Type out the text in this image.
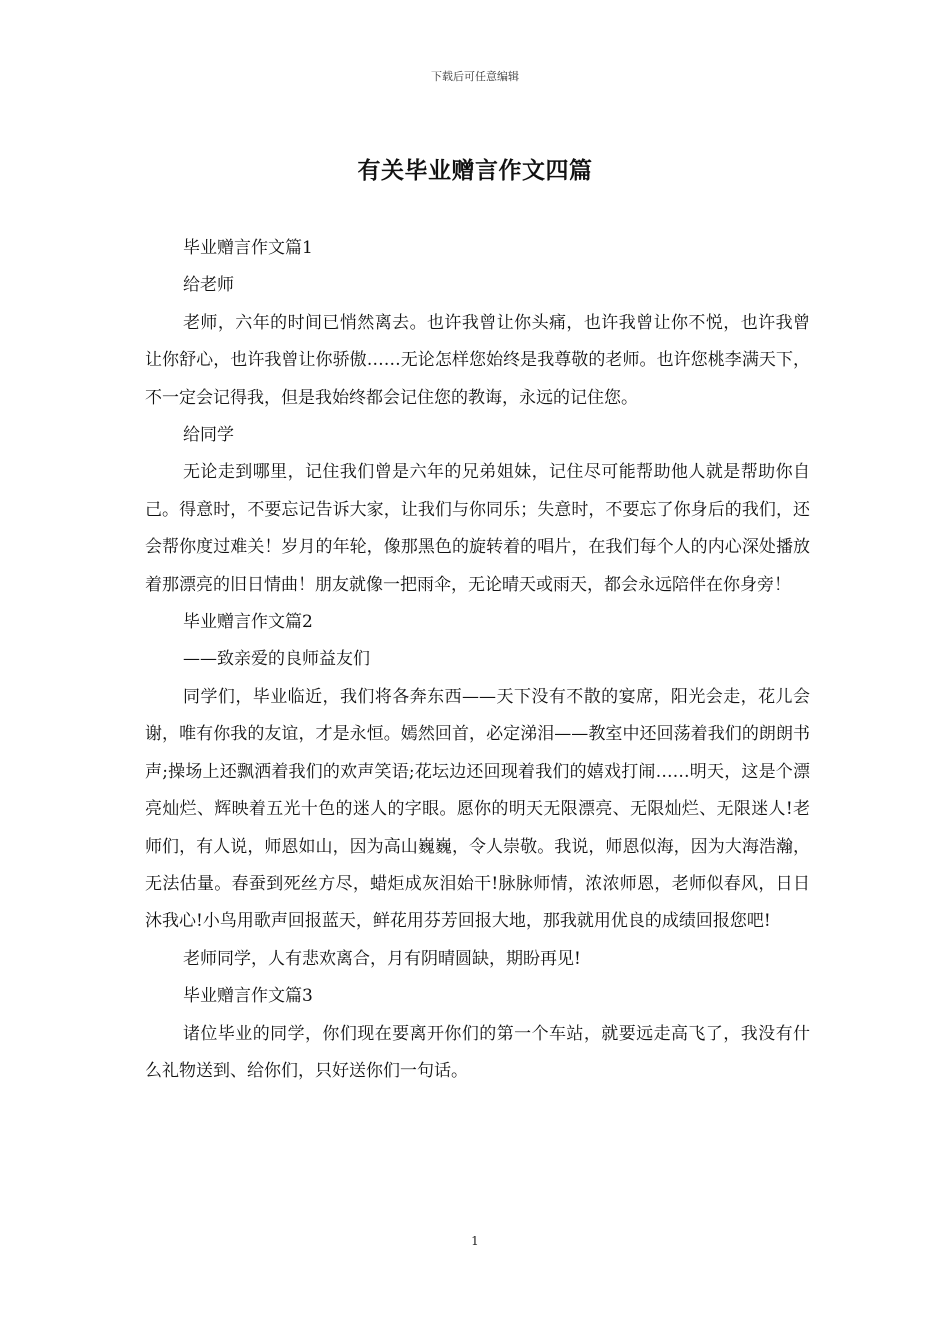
下载后可任意编辑
有关毕业赠言作文四篇

毕业赠言作文篇1

给老师

老师，六年的时间已悄然离去。也许我曾让你头痛，也许我曾让你不悦，也许我曾让你舒心，也许我曾让你骄傲……无论怎样您始终是我尊敬的老师。也许您桃李满天下，不一定会记得我，但是我始终都会记住您的教诲，永远的记住您。

给同学

无论走到哪里，记住我们曾是六年的兄弟姐妹，记住尽可能帮助他人就是帮助你自己。得意时，不要忘记告诉大家，让我们与你同乐；失意时，不要忘了你身后的我们，还会帮你度过难关！岁月的年轮，像那黑色的旋转着的唱片，在我们每个人的内心深处播放着那漂亮的旧日情曲！朋友就像一把雨伞，无论晴天或雨天，都会永远陪伴在你身旁！

毕业赠言作文篇2

——致亲爱的良师益友们

同学们，毕业临近，我们将各奔东西——天下没有不散的宴席，阳光会走，花儿会谢，唯有你我的友谊，才是永恒。嫣然回首，必定涕泪——教室中还回荡着我们的朗朗书声;操场上还飘洒着我们的欢声笑语;花坛边还回现着我们的嬉戏打闹……明天，这是个漂亮灿烂、辉映着五光十色的迷人的字眼。愿你的明天无限漂亮、无限灿烂、无限迷人!老师们，有人说，师恩如山，因为高山巍巍，令人崇敬。我说，师恩似海，因为大海浩瀚，无法估量。春蚕到死丝方尽，蜡炬成灰泪始干!脉脉师情，浓浓师恩，老师似春风，日日沐我心!小鸟用歌声回报蓝天，鲜花用芬芳回报大地，那我就用优良的成绩回报您吧!

老师同学，人有悲欢离合，月有阴晴圆缺，期盼再见!

毕业赠言作文篇3

诸位毕业的同学，你们现在要离开你们的第一个车站，就要远走高飞了，我没有什么礼物送到、给你们，只好送你们一句话。

1
